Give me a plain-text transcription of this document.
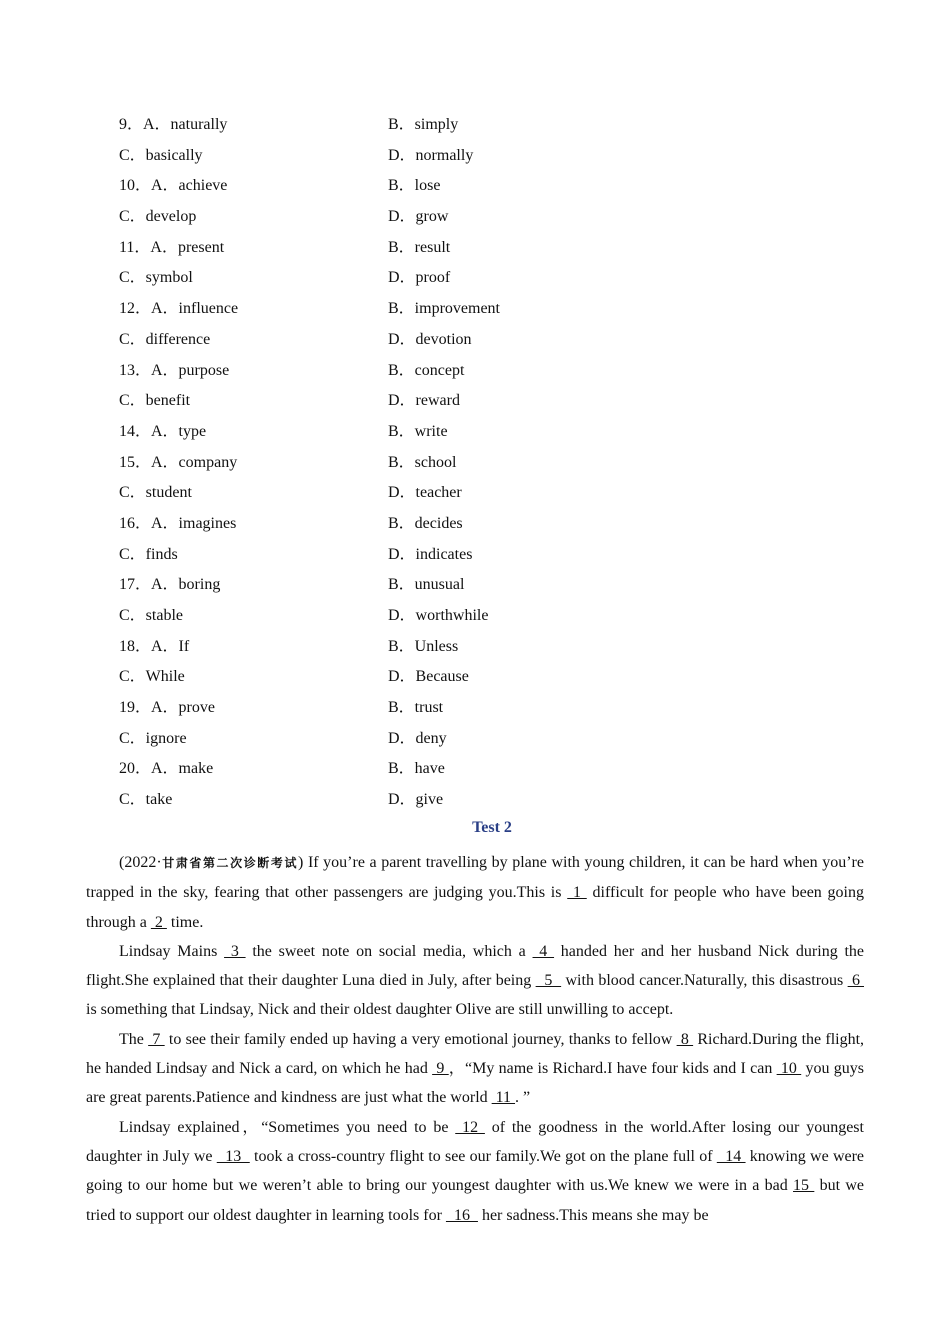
9．A．naturally	B．simply
C．basically	D．normally
10．A．achieve	B．lose
C．develop	D．grow
11．A．present	B．result
C．symbol	D．proof
12．A．influence	B．improvement
C．difference	D．devotion
13．A．purpose	B．concept
C．benefit	D．reward
14．A．type	B．write
15．A．company	B．school
C．student	D．teacher
16．A．imagines	B．decides
C．finds	D．indicates
17．A．boring	B．unusual
C．stable	D．worthwhile
18．A．If	B．Unless
C．While	D．Because
19．A．prove	B．trust
C．ignore	D．deny
20．A．make	B．have
C．take	D．give
Test 2

(2022·甘肃省第二次诊断考试) If you’re a parent travelling by plane with young children, it can be hard when you’re trapped in the sky, fearing that other passengers are judging you.This is  1  difficult for people who have been going through a  2  time.

Lindsay Mains  3  the sweet note on social media, which a  4  handed her and her husband Nick during the flight.She explained that their daughter Luna died in July, after being   5   with blood cancer.Naturally, this disastrous  6  is something that Lindsay, Nick and their oldest daughter Olive are still unwilling to accept.

The  7  to see their family ended up having a very emotional journey, thanks to fellow  8  Richard.During the flight, he handed Lindsay and Nick a card, on which he had  9 ，“My name is Richard.I have four kids and I can  10  you guys are great parents.Patience and kindness are just what the world  11 . ”

Lindsay explained，“Sometimes you need to be  12  of the goodness in the world.After losing our youngest daughter in July we   13   took a cross-country flight to see our family.We got on the plane full of   14  knowing we were going to our home but we weren’t able to bring our youngest daughter with us.We knew we were in a bad 15  but we tried to support our oldest daughter in learning tools for   16   her sadness.This means she may be
